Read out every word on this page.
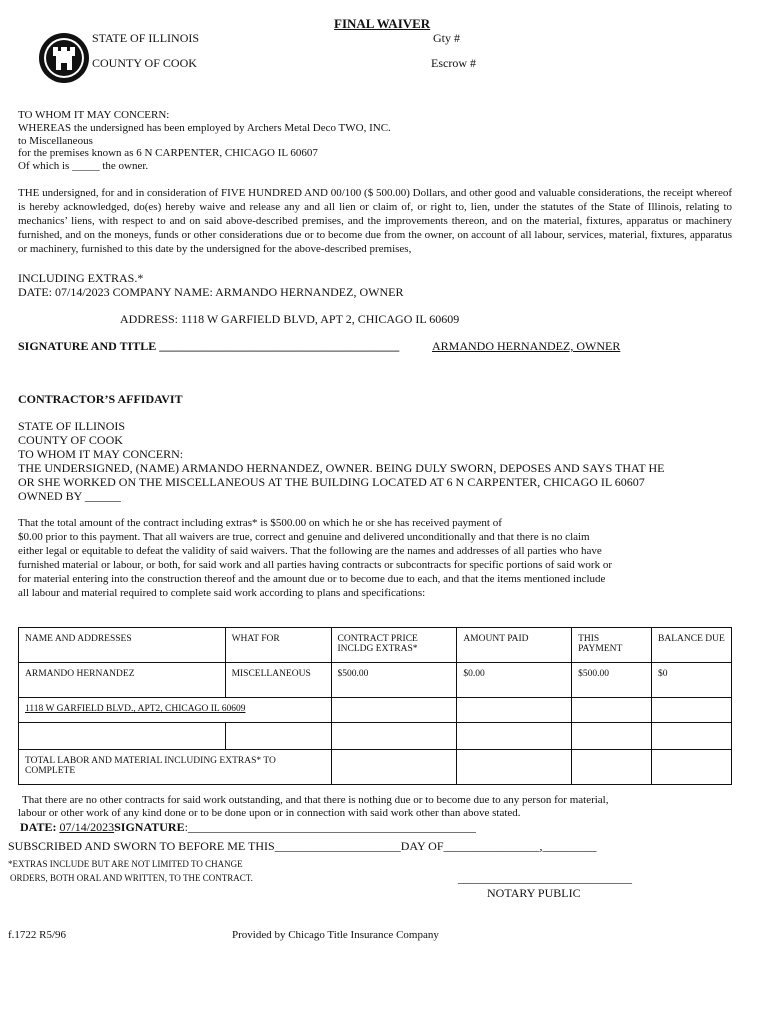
FINAL WAIVER
STATE OF ILLINOIS
COUNTY OF COOK
Gty #
Escrow #
TO WHOM IT MAY CONCERN:
WHEREAS the undersigned has been employed by Archers Metal Deco TWO, INC.
to Miscellaneous
for the premises known as 6 N CARPENTER, CHICAGO IL 60607
Of which is _____ the owner.
THE undersigned, for and in consideration of FIVE HUNDRED AND 00/100 ($ 500.00) Dollars, and other good and valuable considerations, the receipt whereof is hereby acknowledged, do(es) hereby waive and release any and all lien or claim of, or right to, lien, under the statutes of the State of Illinois, relating to mechanics’ liens, with respect to and on said above-described premises, and the improvements thereon, and on the material, fixtures, apparatus or machinery furnished, and on the moneys, funds or other considerations due or to become due from the owner, on account of all labour, services, material, fixtures, apparatus or machinery, furnished to this date by the undersigned for the above-described premises,
INCLUDING EXTRAS.*
DATE: 07/14/2023 COMPANY NAME: ARMANDO HERNANDEZ, OWNER
ADDRESS: 1118 W GARFIELD BLVD, APT 2, CHICAGO IL 60609
SIGNATURE AND TITLE ________________________________________	ARMANDO HERNANDEZ, OWNER
CONTRACTOR’S AFFIDAVIT
STATE OF ILLINOIS
COUNTY OF COOK
TO WHOM IT MAY CONCERN:
THE UNDERSIGNED, (NAME) ARMANDO HERNANDEZ, OWNER. BEING DULY SWORN, DEPOSES AND SAYS THAT HE
OR SHE WORKED ON THE MISCELLANEOUS AT THE BUILDING LOCATED AT 6 N CARPENTER, CHICAGO IL 60607
OWNED BY ______
That the total amount of the contract including extras* is $500.00 on which he or she has received payment of
$0.00 prior to this payment. That all waivers are true, correct and genuine and delivered unconditionally and that there is no claim
either legal or equitable to defeat the validity of said waivers. That the following are the names and addresses of all parties who have
furnished material or labour, or both, for said work and all parties having contracts or subcontracts for specific portions of said work or
for material entering into the construction thereof and the amount due or to become due to each, and that the items mentioned include
all labour and material required to complete said work according to plans and specifications:
NAME AND ADDRESSES	WHAT FOR	CONTRACT PRICE INCLDG EXTRAS*	AMOUNT PAID	THIS PAYMENT	BALANCE DUE
ARMANDO HERNANDEZ	MISCELLANEOUS	$500.00	$0.00	$500.00	$0
1118 W GARFIELD BLVD., APT2, CHICAGO IL 60609					

TOTAL LABOR AND MATERIAL INCLUDING EXTRAS* TO COMPLETE					
That there are no other contracts for said work outstanding, and that there is nothing due or to become due to any person for material,
labour or other work of any kind done or to be done upon or in connection with said work other than above stated.
DATE: 07/14/2023SIGNATURE:________________________________________________
SUBSCRIBED AND SWORN TO BEFORE ME THIS_____________________DAY OF________________,_________
*EXTRAS INCLUDE BUT ARE NOT LIMITED TO CHANGE
ORDERS, BOTH ORAL AND WRITTEN, TO THE CONTRACT.	_____________________________
NOTARY PUBLIC
f.1722 R5/96	Provided by Chicago Title Insurance Company
